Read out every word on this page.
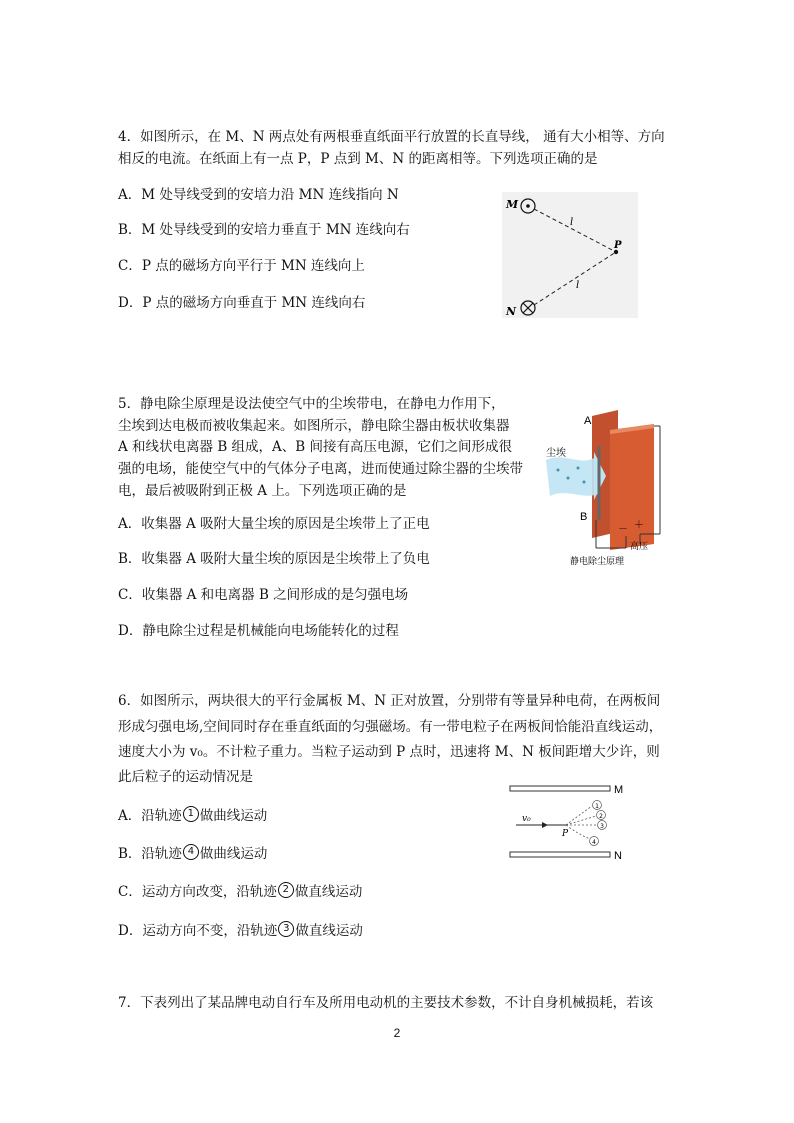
4．如图所示，在 M、N 两点处有两根垂直纸面平行放置的长直导线， 通有大小相等、方向
相反的电流。在纸面上有一点 P，P 点到 M、N 的距离相等。下列选项正确的是
A．M 处导线受到的安培力沿 MN 连线指向 N
B．M 处导线受到的安培力垂直于 MN 连线向右
C．P 点的磁场方向平行于 MN 连线向上
D．P 点的磁场方向垂直于 MN 连线向右
M
N
P
l
l
5．静电除尘原理是设法使空气中的尘埃带电，在静电力作用下，
尘埃到达电极而被收集起来。如图所示，静电除尘器由板状收集器
A 和线状电离器 B 组成，A、B 间接有高压电源，它们之间形成很
强的电场，能使空气中的气体分子电离，进而使通过除尘器的尘埃带
电，最后被吸附到正极 A 上。下列选项正确的是
A．收集器 A 吸附大量尘埃的原因是尘埃带上了正电
B．收集器 A 吸附大量尘埃的原因是尘埃带上了负电
C．收集器 A 和电离器 B 之间形成的是匀强电场
D．静电除尘过程是机械能向电场能转化的过程
A
B
尘埃
－ ＋
高压
静电除尘原理
6．如图所示，两块很大的平行金属板 M、N 正对放置，分别带有等量异种电荷，在两板间
形成匀强电场,空间同时存在垂直纸面的匀强磁场。有一带电粒子在两板间恰能沿直线运动，
速度大小为 v₀。不计粒子重力。当粒子运动到 P 点时，迅速将 M、N 板间距增大少许，则
此后粒子的运动情况是
A．沿轨迹 1 做曲线运动
B．沿轨迹 4 做曲线运动
C．运动方向改变，沿轨迹 2 做直线运动
D．运动方向不变，沿轨迹 3 做直线运动
M
N
v₀
P
1
2
3
4
7．下表列出了某品牌电动自行车及所用电动机的主要技术参数，不计自身机械损耗，若该
2
